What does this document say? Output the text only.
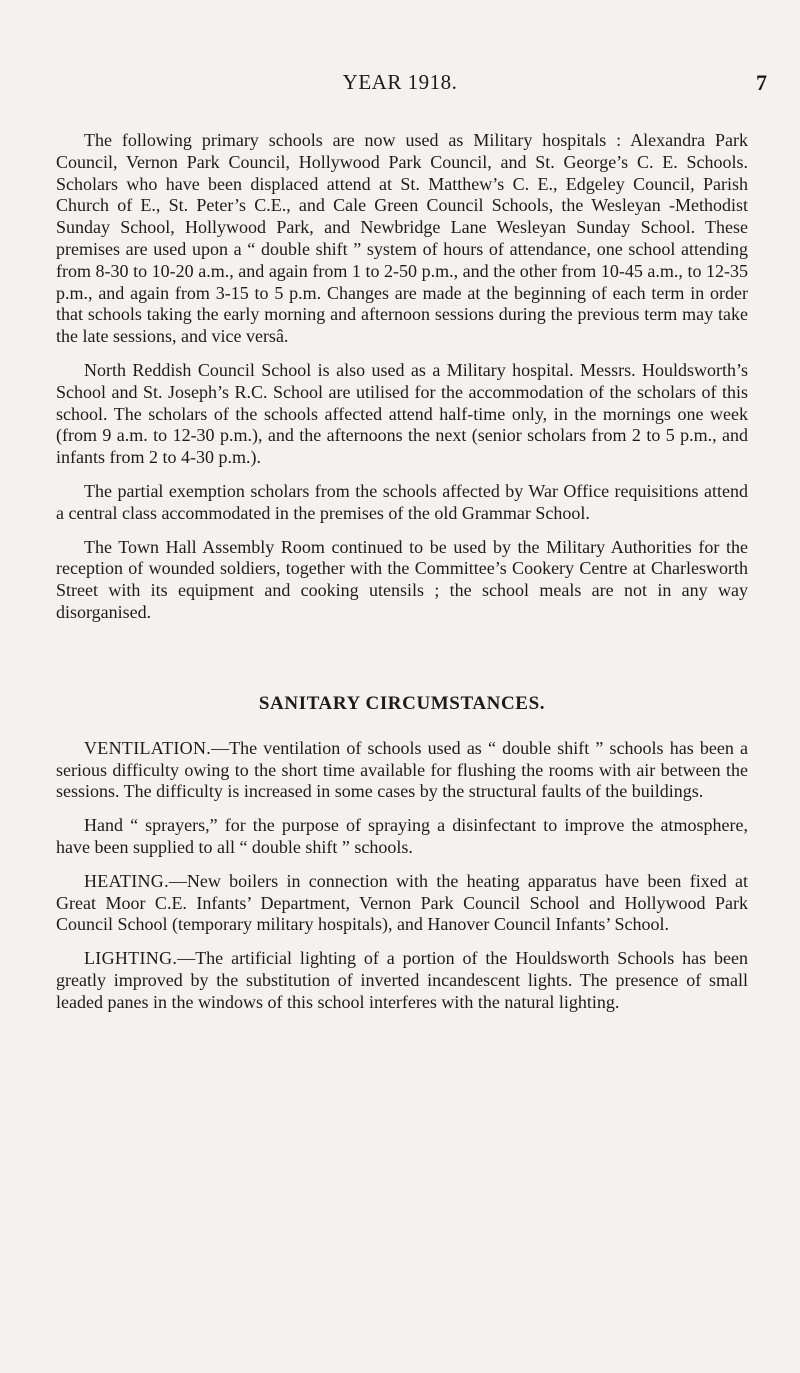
YEAR 1918.	7

The following primary schools are now used as Military hospitals : Alexandra Park Council, Vernon Park Council, Hollywood Park Council, and St. George’s C. E. Schools. Scholars who have been displaced attend at St. Matthew’s C. E., Edgeley Council, Parish Church of E., St. Peter’s C.E., and Cale Green Council Schools, the Wesleyan -Methodist Sunday School, Hollywood Park, and Newbridge Lane Wesleyan Sunday School. These premises are used upon a “ double shift ” system of hours of attendance, one school attending from 8-30 to 10-20 a.m., and again from 1 to 2-50 p.m., and the other from 10-45 a.m., to 12-35 p.m., and again from 3-15 to 5 p.m. Changes are made at the beginning of each term in order that schools taking the early morning and afternoon sessions during the previous term may take the late sessions, and vice versâ.

North Reddish Council School is also used as a Military hospital. Messrs. Houldsworth’s School and St. Joseph’s R.C. School are utilised for the accommodation of the scholars of this school. The scholars of the schools affected attend half-time only, in the mornings one week (from 9 a.m. to 12-30 p.m.), and the afternoons the next (senior scholars from 2 to 5 p.m., and infants from 2 to 4-30 p.m.).

The partial exemption scholars from the schools affected by War Office requisitions attend a central class accommodated in the premises of the old Grammar School.

The Town Hall Assembly Room continued to be used by the Military Authorities for the reception of wounded soldiers, together with the Committee’s Cookery Centre at Charlesworth Street with its equipment and cooking utensils ; the school meals are not in any way disorganised.

SANITARY CIRCUMSTANCES.

VENTILATION.—The ventilation of schools used as “ double shift ” schools has been a serious difficulty owing to the short time available for flushing the rooms with air between the sessions. The difficulty is increased in some cases by the structural faults of the buildings.

Hand “ sprayers,” for the purpose of spraying a disinfectant to improve the atmosphere, have been supplied to all “ double shift ” schools.

HEATING.—New boilers in connection with the heating apparatus have been fixed at Great Moor C.E. Infants’ Department, Vernon Park Council School and Hollywood Park Council School (temporary military hospitals), and Hanover Council Infants’ School.

LIGHTING.—The artificial lighting of a portion of the Houldsworth Schools has been greatly improved by the substitution of inverted incandescent lights. The presence of small leaded panes in the windows of this school interferes with the natural lighting.
